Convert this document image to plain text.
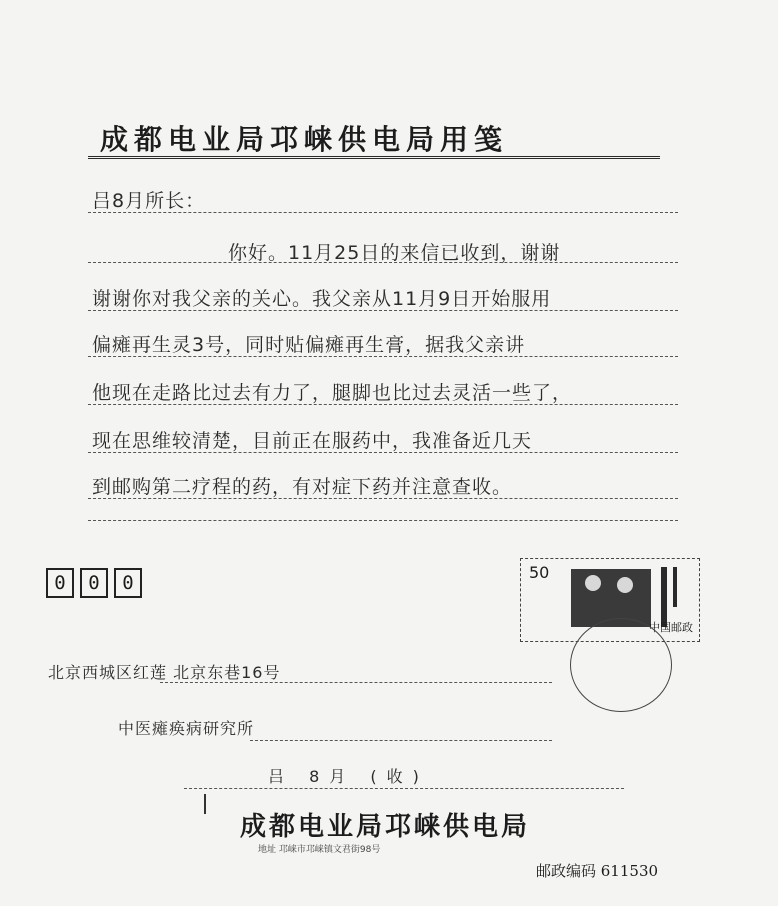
成都电业局邛崃供电局用笺
吕8月所长：
你好。11月25日的来信已收到，谢谢
谢谢你对我父亲的关心。我父亲从11月9日开始服用
偏瘫再生灵3号，同时贴偏瘫再生膏，据我父亲讲
他现在走路比过去有力了，腿脚也比过去灵活一些了，
现在思维较清楚，目前正在服药中，我准备近几天
到邮购第二疗程的药，有对症下药并注意查收。
0	0	0	50
中国邮政
北京西城区红莲 北京东巷16号
中医瘫痪病研究所
吕 8月 (收)
成都电业局邛崃供电局
地址 邛崃市邛崃镇文君街98号
邮政编码 611530
